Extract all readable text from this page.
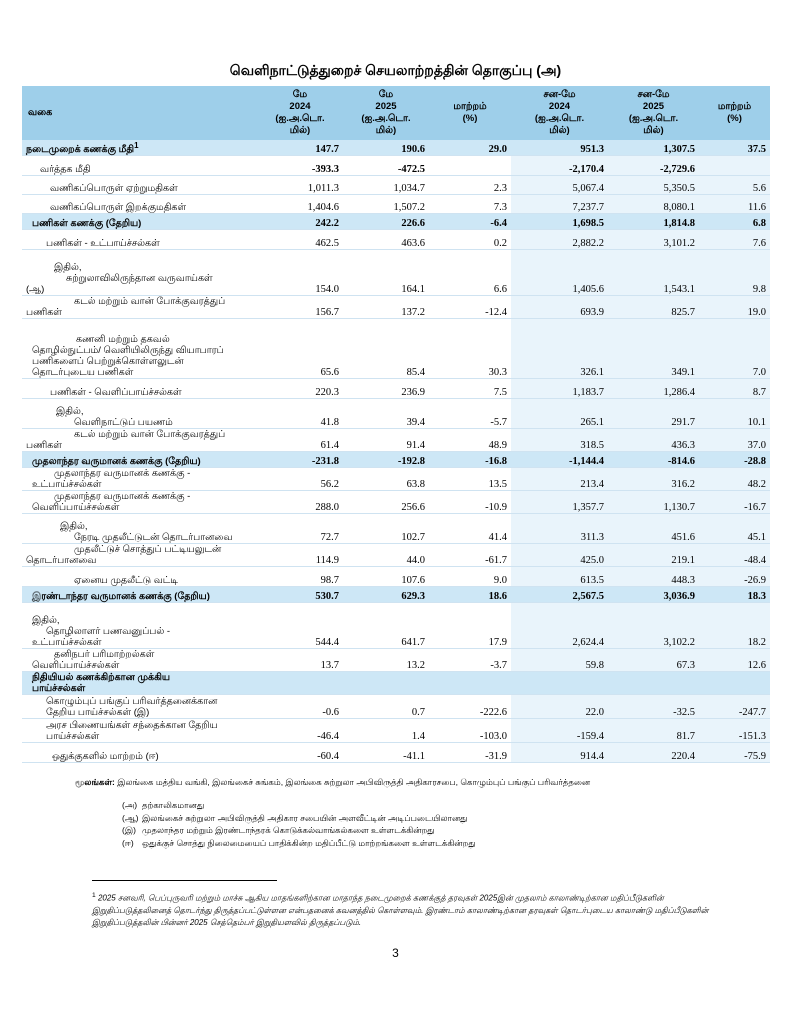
வெளிநாட்டுத்துறைச் செயலாற்றத்தின் தொகுப்பு (அ)
வகை	மே
2024
(ஐ.அ.டொ.
மில்)	மே
2025
(ஐ.அ.டொ.
மில்)	மாற்றம்
(%)	சன-மே
2024
(ஐ.அ.டொ.
மில்)	சன-மே
2025
(ஐ.அ.டொ.
மில்)	மாற்றம்
(%)

நடைமுறைக் கணக்கு மீதி$^1$	147.7	190.6	29.0	951.3	1,307.5	37.5

வர்த்தக மீதி	-393.3	-472.5		-2,170.4	-2,729.6	

வணிகப்பொருள் ஏற்றுமதிகள்	1,011.3	1,034.7	2.3	5,067.4	5,350.5	5.6

வணிகப்பொருள் இறக்குமதிகள்	1,404.6	1,507.2	7.3	7,237.7	8,080.1	11.6

பணிகள் கணக்கு (தேறிய)	242.2	226.6	-6.4	1,698.5	1,814.8	6.8

பணிகள் - உட்பாய்ச்சல்கள்	462.5	463.6	0.2	2,882.2	3,101.2	7.6

இதில்,
சுற்றுலாவிலிருந்தான வருவாய்கள்
(ஆ)	154.0	164.1	6.6	1,405.6	1,543.1	9.8

கடல் மற்றும் வான் போக்குவரத்துப்
பணிகள்	156.7	137.2	-12.4	693.9	825.7	19.0

கணனி மற்றும் தகவல்
தொழில்நுட்பம்/ வெளியிலிருந்து வியாபாரப்
பணிகளைப் பெற்றுக்கொள்ளலுடன்
தொடர்புடைய பணிகள்	65.6	85.4	30.3	326.1	349.1	7.0

பணிகள் - வெளிப்பாய்ச்சல்கள்	220.3	236.9	7.5	1,183.7	1,286.4	8.7

இதில்,
வெளிநாட்டுப் பயணம்	41.8	39.4	-5.7	265.1	291.7	10.1

கடல் மற்றும் வான் போக்குவரத்துப்
பணிகள்	61.4	91.4	48.9	318.5	436.3	37.0

முதலாந்தர வருமானக் கணக்கு (தேறிய)	-231.8	-192.8	-16.8	-1,144.4	-814.6	-28.8

முதலாந்தர வருமானக் கணக்கு -
உட்பாய்ச்சல்கள்	56.2	63.8	13.5	213.4	316.2	48.2

முதலாந்தர வருமானக் கணக்கு -
வெளிப்பாய்ச்சல்கள்	288.0	256.6	-10.9	1,357.7	1,130.7	-16.7

இதில்,
நேரடி முதலீட்டுடன் தொடர்பானவை	72.7	102.7	41.4	311.3	451.6	45.1

முதலீட்டுச் சொத்துப் பட்டியலுடன்
தொடர்பானவை	114.9	44.0	-61.7	425.0	219.1	-48.4

ஏனைய முதலீட்டு வட்டி	98.7	107.6	9.0	613.5	448.3	-26.9

இரண்டாந்தர வருமானக் கணக்கு (தேறிய)	530.7	629.3	18.6	2,567.5	3,036.9	18.3

இதில்,
தொழிலாளர் பணவனுப்பல் -
உட்பாய்ச்சல்கள்	544.4	641.7	17.9	2,624.4	3,102.2	18.2

தனிநபர் பரிமாற்றல்கள்
வெளிப்பாய்ச்சல்கள்	13.7	13.2	-3.7	59.8	67.3	12.6

நிதியியல் கணக்கிற்கான முக்கிய
பாய்ச்சல்கள்						

கொழும்புப் பங்குப் பரிவர்த்தனைக்கான
தேறிய பாய்ச்சல்கள் (இ)	-0.6	0.7	-222.6	22.0	-32.5	-247.7

அரச பிணையங்கள் சந்தைக்கான தேறிய
பாய்ச்சல்கள்	-46.4	1.4	-103.0	-159.4	81.7	-151.3

ஒதுக்குகளில் மாற்றம் (ஈ)	-60.4	-41.1	-31.9	914.4	220.4	-75.9
மூலங்கள்: இலங்கை மத்திய வங்கி, இலங்கைச் சுங்கம், இலங்கை சுற்றுலா அபிவிருத்தி அதிகாரசபை, கொழும்புப் பங்குப் பரிவர்த்தனை
(அ) தற்காலிகமானது
(ஆ) இலங்கைச் சுற்றுலா அபிவிருத்தி அதிகார சபையின் அளவீட்டின் அடிப்படையிலானது
(இ) முதலாந்தர மற்றும் இரண்டாந்தரக் கொடுக்கல்வாங்கல்களை உள்ளடக்கின்றது
(ஈ) ஒதுக்குச் சொத்து நிலைமையைப் பாதிக்கின்ற மதிப்பீட்டு மாற்றங்களை உள்ளடக்கின்றது
$^1$ 2025 சனவரி, பெப்புருவரி மற்றும் மாச்சு ஆகிய மாதங்களிற்கான மாதாந்த நடைமுறைக் கணக்குத் தரவுகள் 2025இன் முதலாம் காலாண்டிற்கான மதிப்பீடுகளின் இறுதிப்படுத்தலினைத் தொடர்ந்து திருத்தப்பட்டுள்ளன என்பதனைக் கவனத்தில் கொள்ளவும். இரண்டாம் காலாண்டிற்கான தரவுகள் தொடர்புடைய காலாண்டு மதிப்பீடுகளின் இறுதிப்படுத்தலின் பின்னர் 2025 செத்தெம்பர் இறுதியளவில் திருத்தப்படும்.
3
